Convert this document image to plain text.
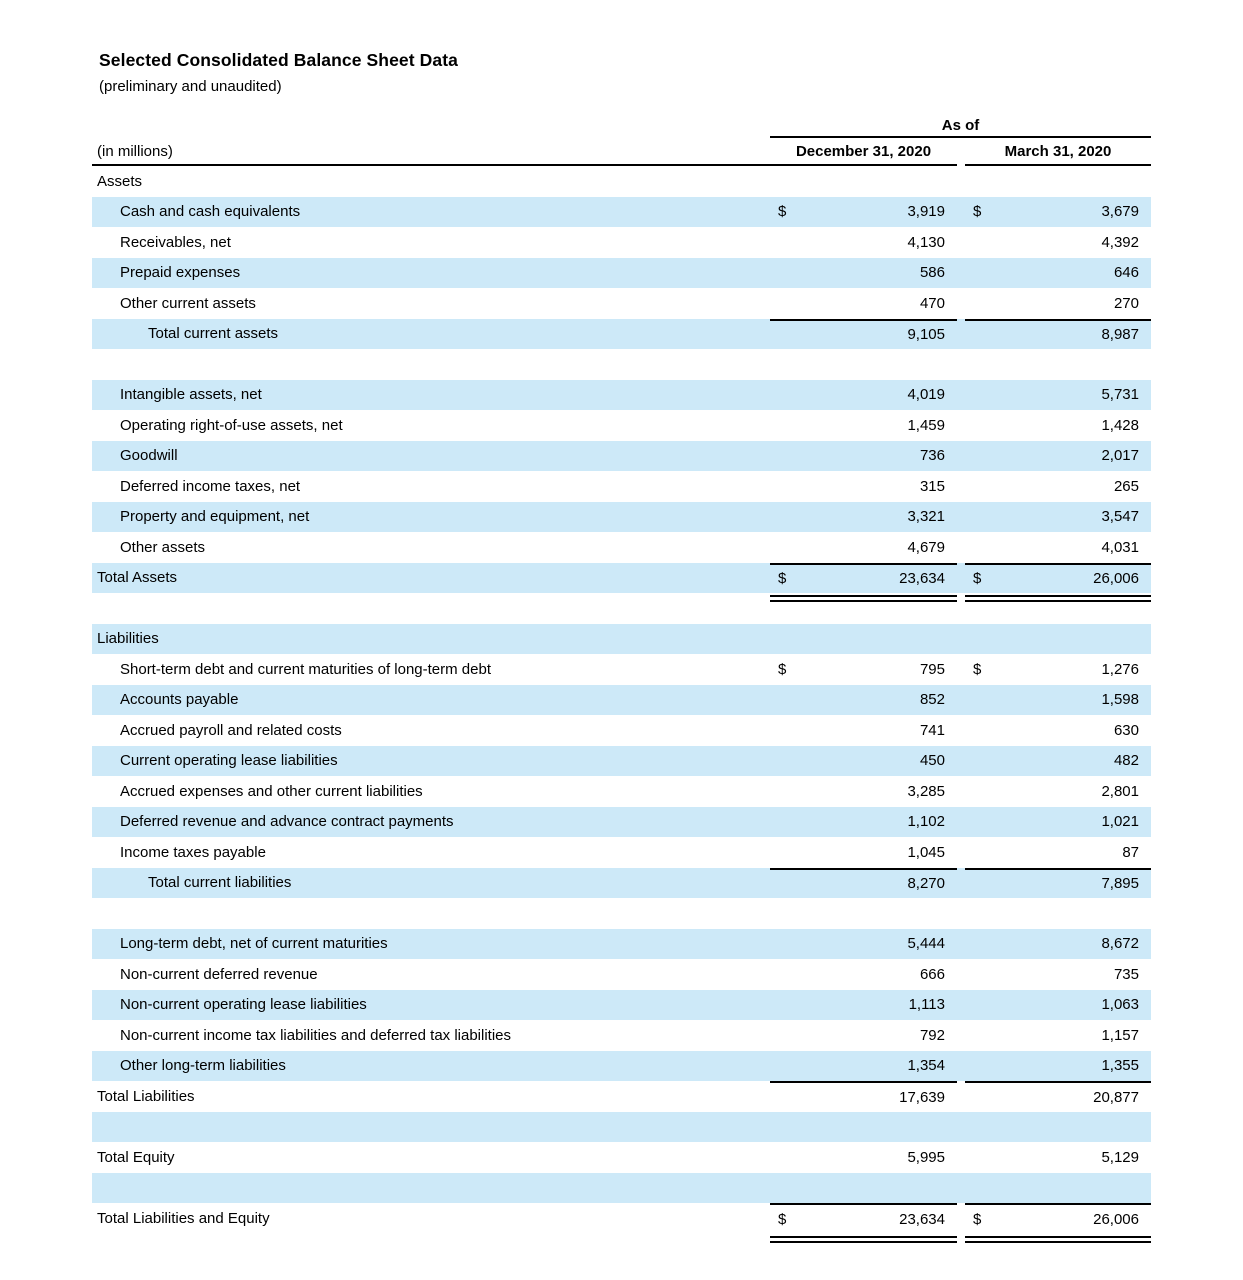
Selected Consolidated Balance Sheet Data
(preliminary and unaudited)
(in millions)
As of
December 31, 2020	March 31, 2020
Assets
Cash and cash equivalents	$	3,919 $	3,679
Receivables, net	4,130	4,392
Prepaid expenses	586	646
Other current assets	470	270
Total current assets	9,105	8,987
Intangible assets, net	4,019	5,731
Operating right-of-use assets, net	1,459	1,428
Goodwill	736	2,017
Deferred income taxes, net	315	265
Property and equipment, net	3,321	3,547
Other assets	4,679	4,031
Total Assets	$	23,634 $	26,006
Liabilities
Short-term debt and current maturities of long-term debt	$	795 $	1,276
Accounts payable	852	1,598
Accrued payroll and related costs	741	630
Current operating lease liabilities	450	482
Accrued expenses and other current liabilities	3,285	2,801
Deferred revenue and advance contract payments	1,102	1,021
Income taxes payable	1,045	87
Total current liabilities	8,270	7,895
Long-term debt, net of current maturities	5,444	8,672
Non-current deferred revenue	666	735
Non-current operating lease liabilities	1,113	1,063
Non-current income tax liabilities and deferred tax liabilities	792	1,157
Other long-term liabilities	1,354	1,355
Total Liabilities	17,639	20,877
Total Equity	5,995	5,129
Total Liabilities and Equity	$	23,634 $	26,006
